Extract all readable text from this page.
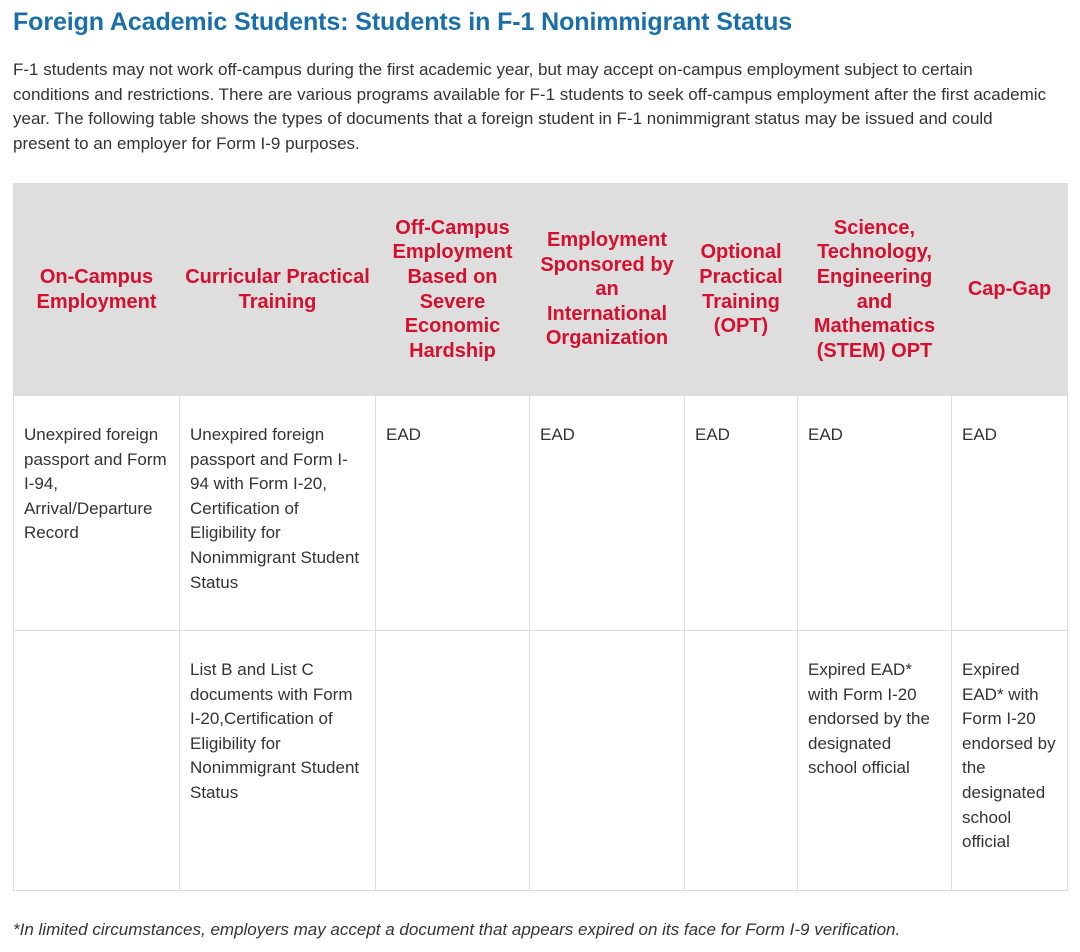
Foreign Academic Students: Students in F-1 Nonimmigrant Status

F-1 students may not work off-campus during the first academic year, but may accept on-campus employment subject to certain conditions and restrictions. There are various programs available for F-1 students to seek off-campus employment after the first academic year. The following table shows the types of documents that a foreign student in F-1 nonimmigrant status may be issued and could present to an employer for Form I-9 purposes.

On-Campus Employment	Curricular Practical Training	Off-Campus Employment Based on Severe Economic Hardship	Employment Sponsored by an International Organization	Optional Practical Training (OPT)	Science, Technology, Engineering and Mathematics (STEM) OPT	Cap-Gap
Unexpired foreign passport and Form I-94, Arrival/Departure Record	Unexpired foreign passport and Form I-94 with Form I-20, Certification of Eligibility for Nonimmigrant Student Status	EAD	EAD	EAD	EAD	EAD
	List B and List C documents with Form I-20,Certification of Eligibility for Nonimmigrant Student Status				Expired EAD* with Form I-20 endorsed by the designated school official	Expired EAD* with Form I-20 endorsed by the designated school official

*In limited circumstances, employers may accept a document that appears expired on its face for Form I-9 verification.
